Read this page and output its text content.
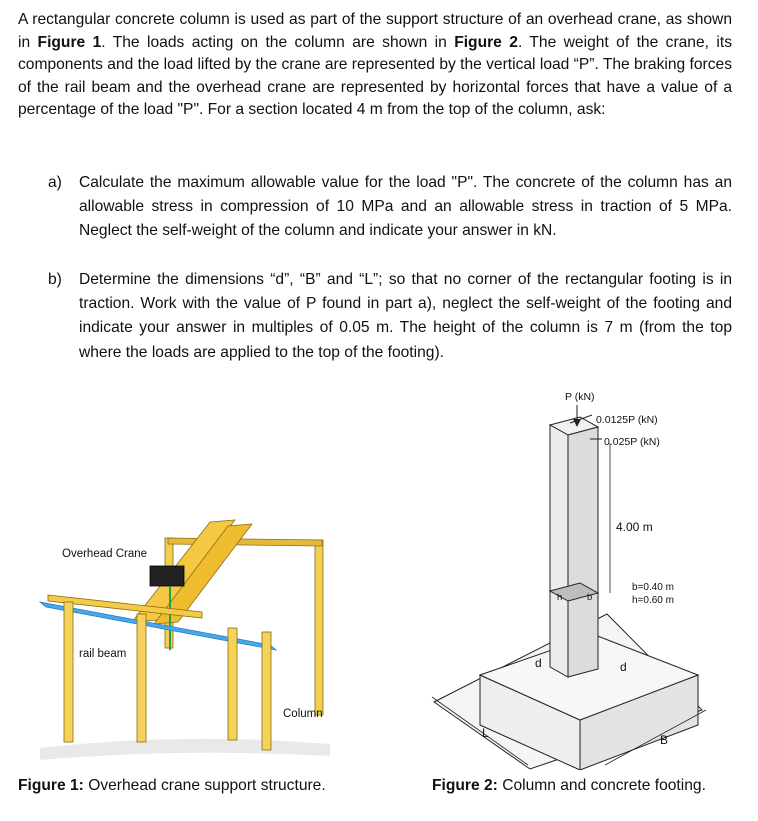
A rectangular concrete column is used as part of the support structure of an overhead crane, as shown in Figure 1. The loads acting on the column are shown in Figure 2. The weight of the crane, its components and the load lifted by the crane are represented by the vertical load “P”. The braking forces of the rail beam and the overhead crane are represented by horizontal forces that have a value of a percentage of the load "P". For a section located 4 m from the top of the column, ask:

a) Calculate the maximum allowable value for the load "P". The concrete of the column has an allowable stress in compression of 10 MPa and an allowable stress in traction of 5 MPa. Neglect the self-weight of the column and indicate your answer in kN.
b) Determine the dimensions “d”, “B” and “L”; so that no corner of the rectangular footing is in traction. Work with the value of P found in part a), neglect the self-weight of the footing and indicate your answer in multiples of 0.05 m. The height of the column is 7 m (from the top where the loads are applied to the top of the footing).
Overhead Crane
rail beam
Column
P (kN)
0.0125P (kN)
0.025P (kN)
4.00 m
h	b
b=0.40 m
h=0.60 m
d	d
L	B
Figure 1: Overhead crane support structure.	Figure 2: Column and concrete footing.
